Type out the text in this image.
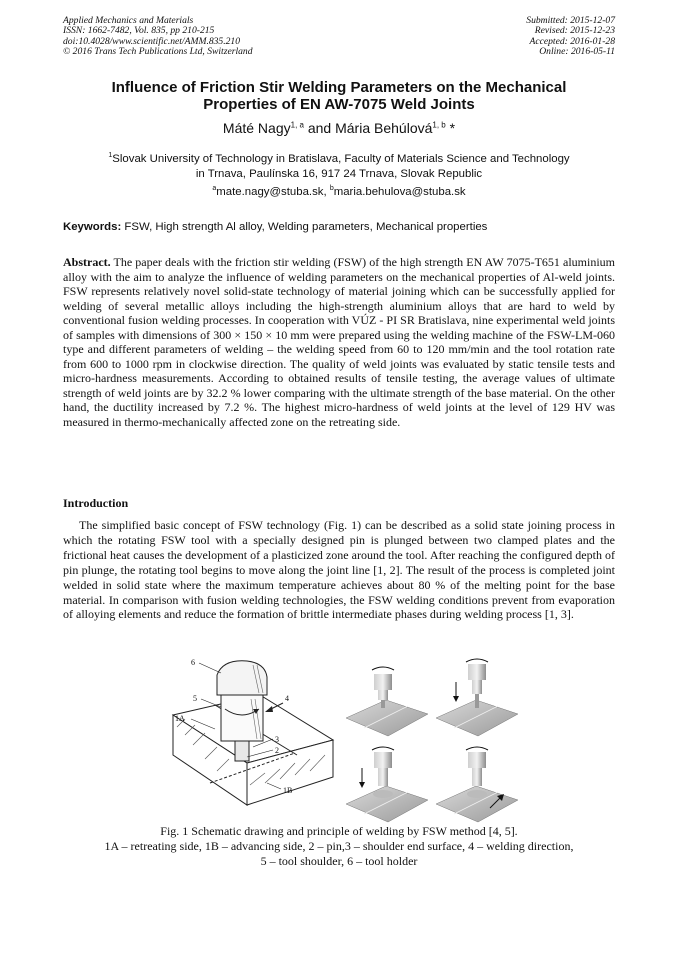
Applied Mechanics and Materials
ISSN: 1662-7482, Vol. 835, pp 210-215
doi:10.4028/www.scientific.net/AMM.835.210
© 2016 Trans Tech Publications Ltd, Switzerland
Submitted: 2015-12-07
Revised: 2015-12-23
Accepted: 2016-01-28
Online: 2016-05-11
Influence of Friction Stir Welding Parameters on the Mechanical
Properties of EN AW-7075 Weld Joints
Máté Nagy$^{1, a}$ and Mária Behúlová$^{1, b}$ *
$^1$Slovak University of Technology in Bratislava, Faculty of Materials Science and Technology
in Trnava, Paulínska 16, 917 24 Trnava, Slovak Republic
$^a$mate.nagy@stuba.sk, $^b$maria.behulova@stuba.sk
Keywords: FSW, High strength Al alloy, Welding parameters, Mechanical properties
Abstract. The paper deals with the friction stir welding (FSW) of the high strength EN AW 7075-T651 aluminium alloy with the aim to analyze the influence of welding parameters on the mechanical properties of Al-weld joints. FSW represents relatively novel solid-state technology of material joining which can be successfully applied for welding of several metallic alloys including the high-strength aluminium alloys that are hard to weld by conventional fusion welding processes. In cooperation with VÚZ - PI SR Bratislava, nine experimental weld joints of samples with dimensions of 300 × 150 × 10 mm were prepared using the welding machine of the FSW-LM-060 type and different parameters of welding – the welding speed from 60 to 120 mm/min and the tool rotation rate from 600 to 1000 rpm in clockwise direction. The quality of weld joints was evaluated by static tensile tests and micro-hardness measurements. According to obtained results of tensile testing, the average values of ultimate strength of weld joints are by 32.2 % lower comparing with the ultimate strength of the base material. On the other hand, the ductility increased by 7.2 %. The highest micro-hardness of weld joints at the level of 129 HV was measured in thermo-mechanically affected zone on the retreating side.
Introduction
The simplified basic concept of FSW technology (Fig. 1) can be described as a solid state joining process in which the rotating FSW tool with a specially designed pin is plunged between two clamped plates and the frictional heat causes the development of a plasticized zone around the tool. After reaching the configured depth of pin plunge, the rotating tool begins to move along the joint line [1, 2]. The result of the process is completed joint welded in solid state where the maximum temperature achieves about 80 % of the melting point for the base material. In comparison with fusion welding technologies, the FSW welding conditions prevent from evaporation of alloying elements and reduce the formation of brittle intermediate phases during welding process [1, 3].
6
5	4
1A
3
2
1B
Fig. 1 Schematic drawing and principle of welding by FSW method [4, 5].
1A – retreating side, 1B – advancing side, 2 – pin,3 – shoulder end surface, 4 – welding direction,
5 – tool shoulder, 6 – tool holder
